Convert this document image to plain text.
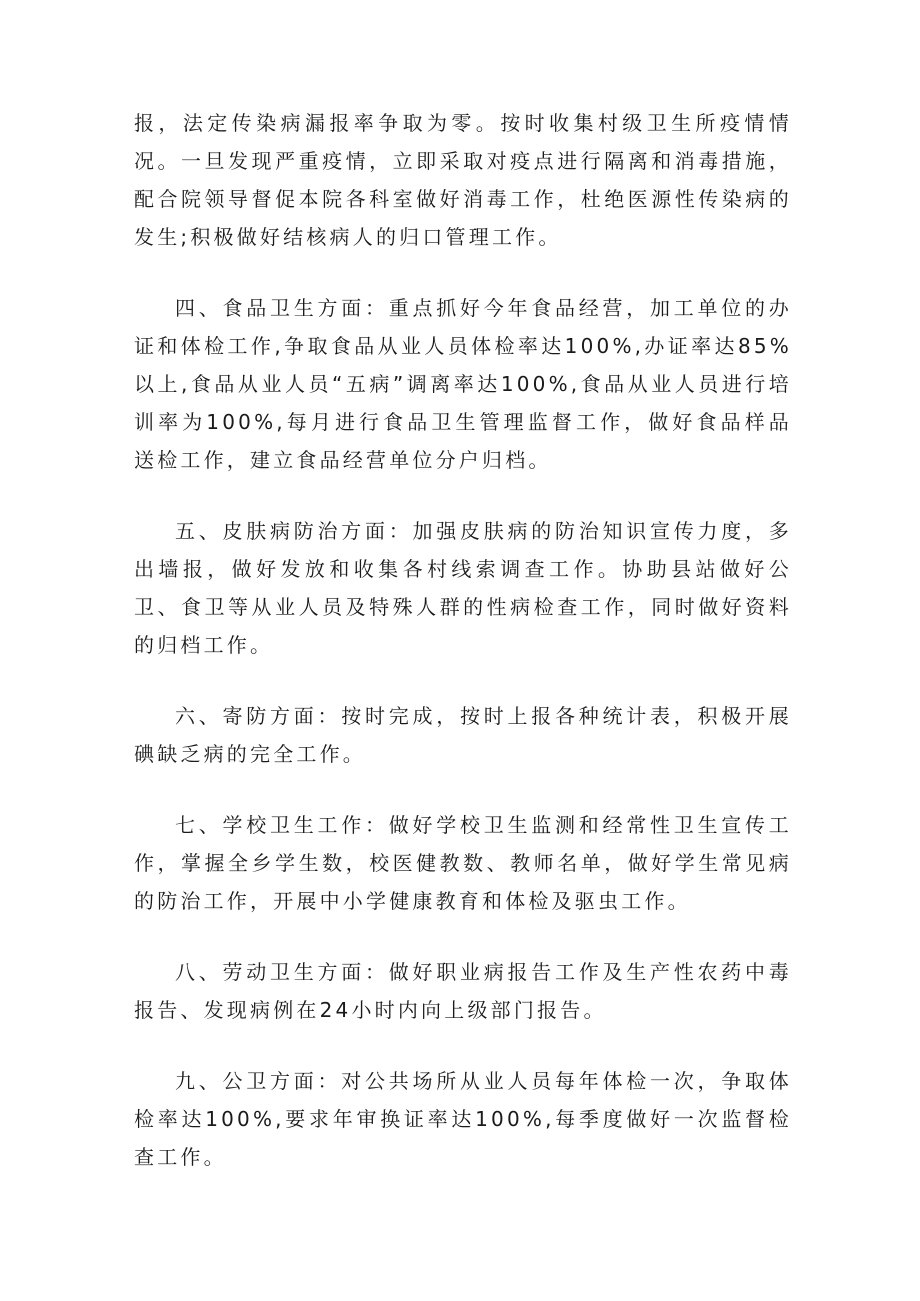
报，法定传染病漏报率争取为零。按时收集村级卫生所疫情情况。一旦发现严重疫情，立即采取对疫点进行隔离和消毒措施，配合院领导督促本院各科室做好消毒工作，杜绝医源性传染病的发生;积极做好结核病人的归口管理工作。

四、食品卫生方面：重点抓好今年食品经营，加工单位的办证和体检工作,争取食品从业人员体检率达100%,办证率达85%以上,食品从业人员“五病”调离率达100%,食品从业人员进行培训率为100%,每月进行食品卫生管理监督工作，做好食品样品送检工作，建立食品经营单位分户归档。

五、皮肤病防治方面：加强皮肤病的防治知识宣传力度，多出墙报，做好发放和收集各村线索调查工作。协助县站做好公卫、食卫等从业人员及特殊人群的性病检查工作，同时做好资料的归档工作。

六、寄防方面：按时完成，按时上报各种统计表，积极开展碘缺乏病的完全工作。

七、学校卫生工作：做好学校卫生监测和经常性卫生宣传工作，掌握全乡学生数，校医健教数、教师名单，做好学生常见病的防治工作，开展中小学健康教育和体检及驱虫工作。

八、劳动卫生方面：做好职业病报告工作及生产性农药中毒报告、发现病例在24小时内向上级部门报告。

九、公卫方面：对公共场所从业人员每年体检一次，争取体检率达100%,要求年审换证率达100%,每季度做好一次监督检查工作。
